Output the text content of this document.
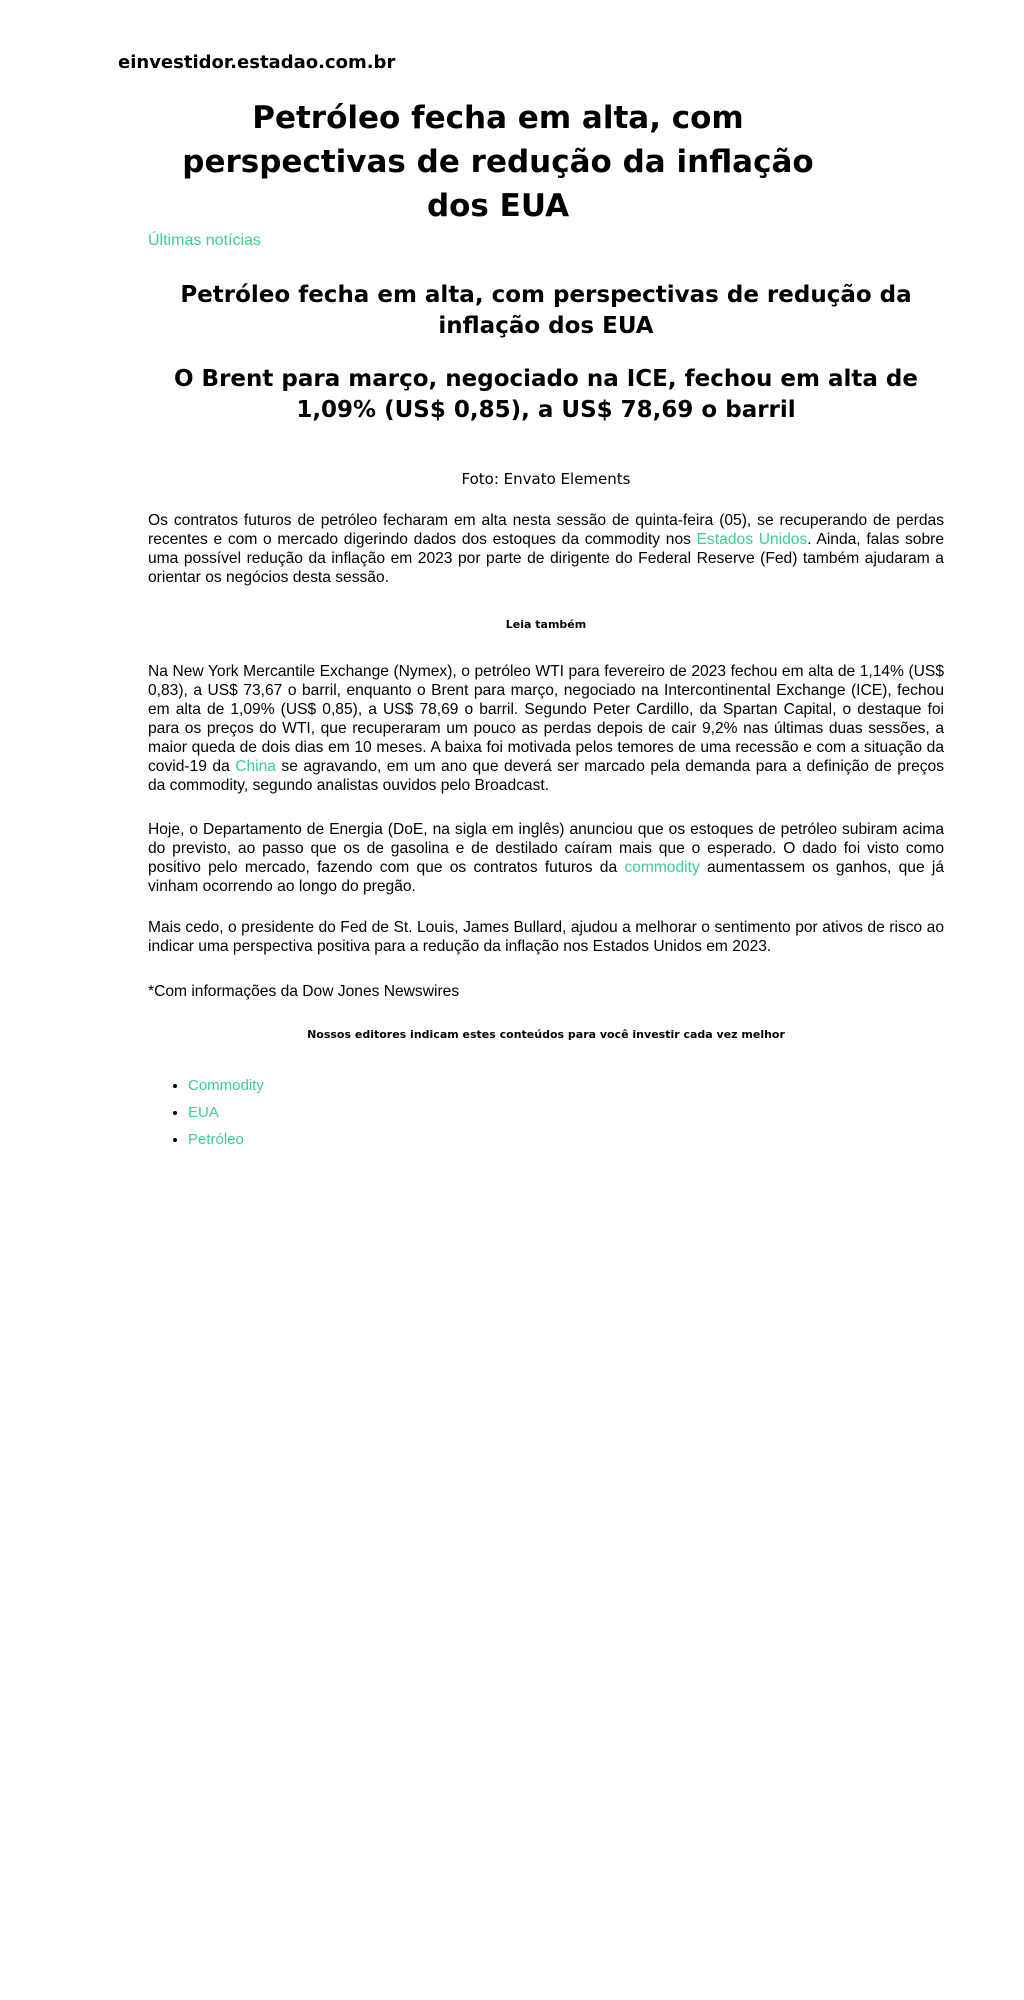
einvestidor.estadao.com.br
Petróleo fecha em alta, com perspectivas de redução da inflação dos EUA
Últimas notícias
Petróleo fecha em alta, com perspectivas de redução da inflação dos EUA
O Brent para março, negociado na ICE, fechou em alta de 1,09% (US$ 0,85), a US$ 78,69 o barril

Foto: Envato Elements

Os contratos futuros de petróleo fecharam em alta nesta sessão de quinta-feira (05), se recuperando de perdas recentes e com o mercado digerindo dados dos estoques da commodity nos Estados Unidos. Ainda, falas sobre uma possível redução da inflação em 2023 por parte de dirigente do Federal Reserve (Fed) também ajudaram a orientar os negócios desta sessão.

Leia também

Na New York Mercantile Exchange (Nymex), o petróleo WTI para fevereiro de 2023 fechou em alta de 1,14% (US$ 0,83), a US$ 73,67 o barril, enquanto o Brent para março, negociado na Intercontinental Exchange (ICE), fechou em alta de 1,09% (US$ 0,85), a US$ 78,69 o barril. Segundo Peter Cardillo, da Spartan Capital, o destaque foi para os preços do WTI, que recuperaram um pouco as perdas depois de cair 9,2% nas últimas duas sessões, a maior queda de dois dias em 10 meses. A baixa foi motivada pelos temores de uma recessão e com a situação da covid-19 da China se agravando, em um ano que deverá ser marcado pela demanda para a definição de preços da commodity, segundo analistas ouvidos pelo Broadcast.

Hoje, o Departamento de Energia (DoE, na sigla em inglês) anunciou que os estoques de petróleo subiram acima do previsto, ao passo que os de gasolina e de destilado caíram mais que o esperado. O dado foi visto como positivo pelo mercado, fazendo com que os contratos futuros da commodity aumentassem os ganhos, que já vinham ocorrendo ao longo do pregão.

Mais cedo, o presidente do Fed de St. Louis, James Bullard, ajudou a melhorar o sentimento por ativos de risco ao indicar uma perspectiva positiva para a redução da inflação nos Estados Unidos em 2023.

*Com informações da Dow Jones Newswires

Nossos editores indicam estes conteúdos para você investir cada vez melhor

• Commodity
• EUA
• Petróleo
